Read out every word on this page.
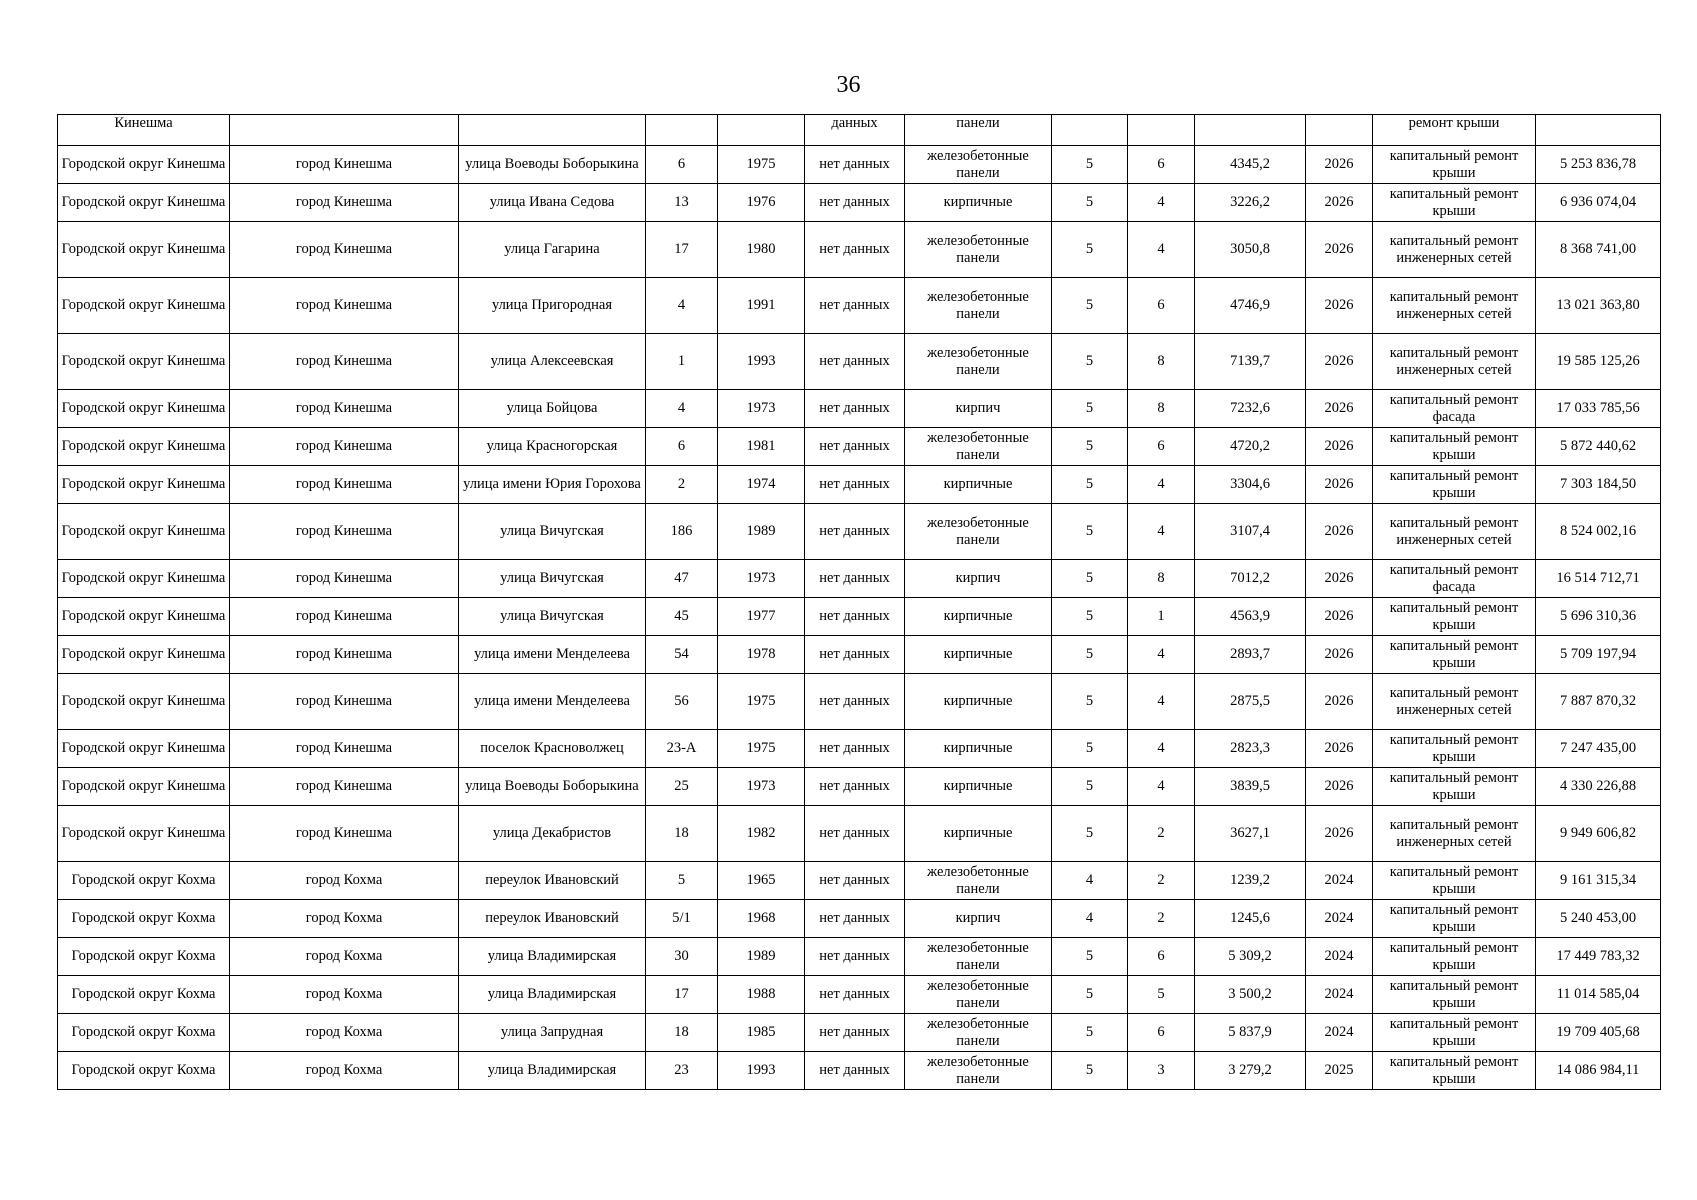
36
Кинешма					данных	панели					ремонт крыши	
Городской округ Кинешма	город Кинешма	улица Воеводы Боборыкина	6	1975	нет данных	железобетонные панели	5	6	4345,2	2026	капитальный ремонт крыши	5 253 836,78
Городской округ Кинешма	город Кинешма	улица Ивана Седова	13	1976	нет данных	кирпичные	5	4	3226,2	2026	капитальный ремонт крыши	6 936 074,04
Городской округ Кинешма	город Кинешма	улица Гагарина	17	1980	нет данных	железобетонные панели	5	4	3050,8	2026	капитальный ремонт инженерных сетей	8 368 741,00
Городской округ Кинешма	город Кинешма	улица Пригородная	4	1991	нет данных	железобетонные панели	5	6	4746,9	2026	капитальный ремонт инженерных сетей	13 021 363,80
Городской округ Кинешма	город Кинешма	улица Алексеевская	1	1993	нет данных	железобетонные панели	5	8	7139,7	2026	капитальный ремонт инженерных сетей	19 585 125,26
Городской округ Кинешма	город Кинешма	улица Бойцова	4	1973	нет данных	кирпич	5	8	7232,6	2026	капитальный ремонт фасада	17 033 785,56
Городской округ Кинешма	город Кинешма	улица Красногорская	6	1981	нет данных	железобетонные панели	5	6	4720,2	2026	капитальный ремонт крыши	5 872 440,62
Городской округ Кинешма	город Кинешма	улица имени Юрия Горохова	2	1974	нет данных	кирпичные	5	4	3304,6	2026	капитальный ремонт крыши	7 303 184,50
Городской округ Кинешма	город Кинешма	улица Вичугская	186	1989	нет данных	железобетонные панели	5	4	3107,4	2026	капитальный ремонт инженерных сетей	8 524 002,16
Городской округ Кинешма	город Кинешма	улица Вичугская	47	1973	нет данных	кирпич	5	8	7012,2	2026	капитальный ремонт фасада	16 514 712,71
Городской округ Кинешма	город Кинешма	улица Вичугская	45	1977	нет данных	кирпичные	5	1	4563,9	2026	капитальный ремонт крыши	5 696 310,36
Городской округ Кинешма	город Кинешма	улица имени Менделеева	54	1978	нет данных	кирпичные	5	4	2893,7	2026	капитальный ремонт крыши	5 709 197,94
Городской округ Кинешма	город Кинешма	улица имени Менделеева	56	1975	нет данных	кирпичные	5	4	2875,5	2026	капитальный ремонт инженерных сетей	7 887 870,32
Городской округ Кинешма	город Кинешма	поселок Красноволжец	23-А	1975	нет данных	кирпичные	5	4	2823,3	2026	капитальный ремонт крыши	7 247 435,00
Городской округ Кинешма	город Кинешма	улица Воеводы Боборыкина	25	1973	нет данных	кирпичные	5	4	3839,5	2026	капитальный ремонт крыши	4 330 226,88
Городской округ Кинешма	город Кинешма	улица Декабристов	18	1982	нет данных	кирпичные	5	2	3627,1	2026	капитальный ремонт инженерных сетей	9 949 606,82
Городской округ Кохма	город Кохма	переулок Ивановский	5	1965	нет данных	железобетонные панели	4	2	1239,2	2024	капитальный ремонт крыши	9 161 315,34
Городской округ Кохма	город Кохма	переулок Ивановский	5/1	1968	нет данных	кирпич	4	2	1245,6	2024	капитальный ремонт крыши	5 240 453,00
Городской округ Кохма	город Кохма	улица Владимирская	30	1989	нет данных	железобетонные панели	5	6	5 309,2	2024	капитальный ремонт крыши	17 449 783,32
Городской округ Кохма	город Кохма	улица Владимирская	17	1988	нет данных	железобетонные панели	5	5	3 500,2	2024	капитальный ремонт крыши	11 014 585,04
Городской округ Кохма	город Кохма	улица Запрудная	18	1985	нет данных	железобетонные панели	5	6	5 837,9	2024	капитальный ремонт крыши	19 709 405,68
Городской округ Кохма	город Кохма	улица Владимирская	23	1993	нет данных	железобетонные панели	5	3	3 279,2	2025	капитальный ремонт крыши	14 086 984,11
